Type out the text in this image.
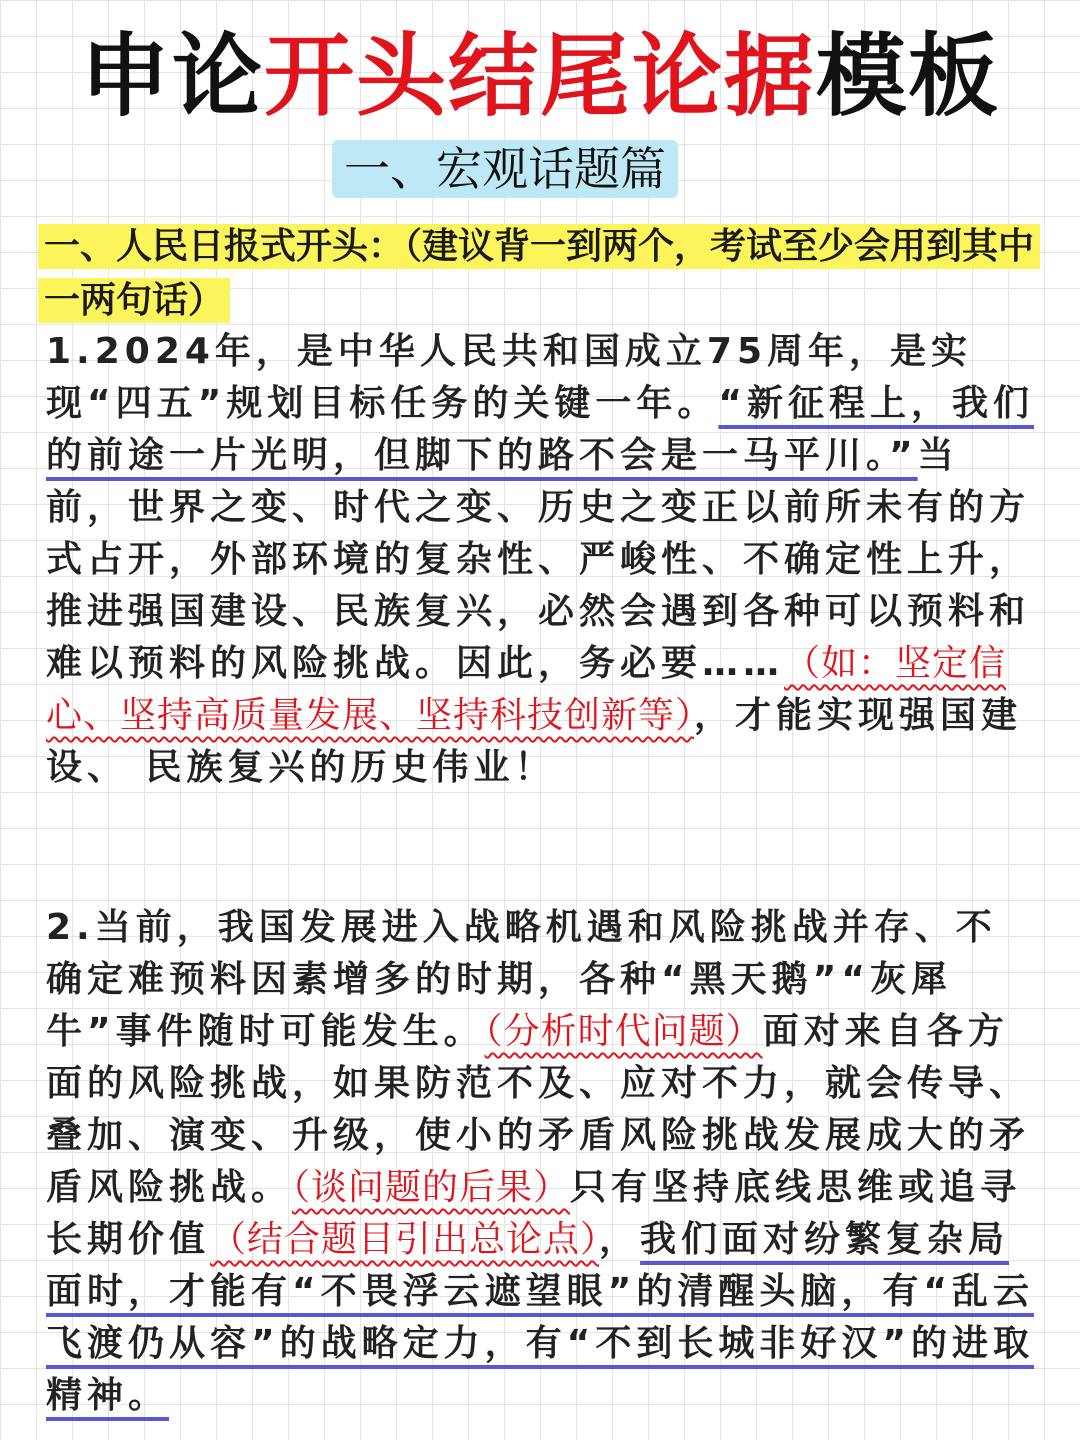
申论开头结尾论据模板
一、宏观话题篇
一、人民日报式开头：（建议背一到两个，考试至少会用到其中一两句话）
1.2024年，是中华人民共和国成立75周年，是实现“四五”规划目标任务的关键一年。“新征程上，我们的前途一片光明，但脚下的路不会是一马平川。”当前，世界之变、时代之变、历史之变正以前所未有的方式占开，外部环境的复杂性、严峻性、不确定性上升，推进强国建设、民族复兴，必然会遇到各种可以预料和难以预料的风险挑战。因此，务必要……（如：坚定信心、坚持高质量发展、坚持科技创新等），才能实现强国建设、 民族复兴的历史伟业！
2.当前，我国发展进入战略机遇和风险挑战并存、不确定难预料因素增多的时期，各种“黑天鹅”“灰犀牛”事件随时可能发生。（分析时代问题）面对来自各方面的风险挑战，如果防范不及、应对不力，就会传导、叠加、演变、升级，使小的矛盾风险挑战发展成大的矛盾风险挑战。（谈问题的后果）只有坚持底线思维或追寻长期价值（结合题目引出总论点），我们面对纷繁复杂局面时，才能有“不畏浮云遮望眼”的清醒头脑，有“乱云飞渡仍从容”的战略定力，有“不到长城非好汉”的进取精神。
